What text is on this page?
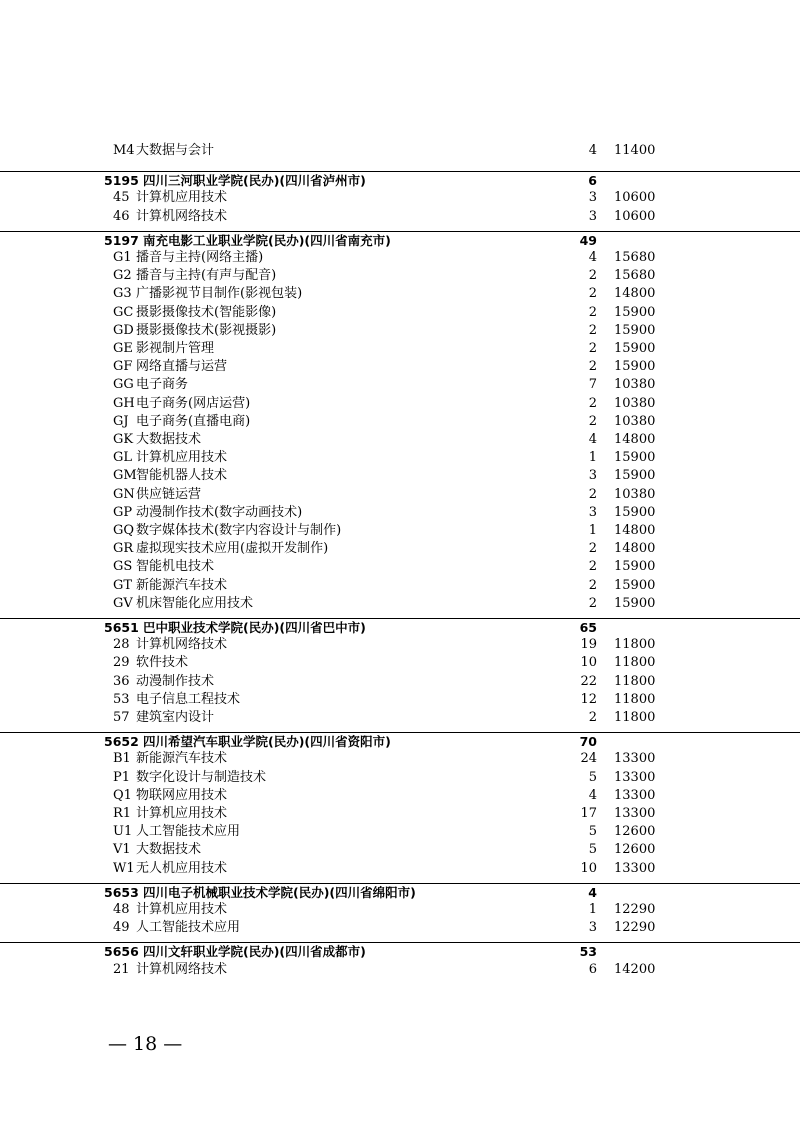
M4 大数据与会计	4 11400
5195 四川三河职业学院(民办)(四川省泸州市)	6
45 计算机应用技术	3 10600
46 计算机网络技术	3 10600
5197 南充电影工业职业学院(民办)(四川省南充市)	49
G1 播音与主持(网络主播)	4 15680
G2 播音与主持(有声与配音)	2 15680
G3 广播影视节目制作(影视包装)	2 14800
GC 摄影摄像技术(智能影像)	2 15900
GD 摄影摄像技术(影视摄影)	2 15900
GE 影视制片管理	2 15900
GF 网络直播与运营	2 15900
GG 电子商务	7 10380
GH 电子商务(网店运营)	2 10380
GJ 电子商务(直播电商)	2 10380
GK 大数据技术	4 14800
GL 计算机应用技术	1 15900
GM 智能机器人技术	3 15900
GN 供应链运营	2 10380
GP 动漫制作技术(数字动画技术)	3 15900
GQ 数字媒体技术(数字内容设计与制作)	1 14800
GR 虚拟现实技术应用(虚拟开发制作)	2 14800
GS 智能机电技术	2 15900
GT 新能源汽车技术	2 15900
GV 机床智能化应用技术	2 15900
5651 巴中职业技术学院(民办)(四川省巴中市)	65
28 计算机网络技术	19 11800
29 软件技术	10 11800
36 动漫制作技术	22 11800
53 电子信息工程技术	12 11800
57 建筑室内设计	2 11800
5652 四川希望汽车职业学院(民办)(四川省资阳市)	70
B1 新能源汽车技术	24 13300
P1 数字化设计与制造技术	5 13300
Q1 物联网应用技术	4 13300
R1 计算机应用技术	17 13300
U1 人工智能技术应用	5 12600
V1 大数据技术	5 12600
W1 无人机应用技术	10 13300
5653 四川电子机械职业技术学院(民办)(四川省绵阳市)	4
48 计算机应用技术	1 12290
49 人工智能技术应用	3 12290
5656 四川文轩职业学院(民办)(四川省成都市)	53
21 计算机网络技术	6 14200
— 18 —
